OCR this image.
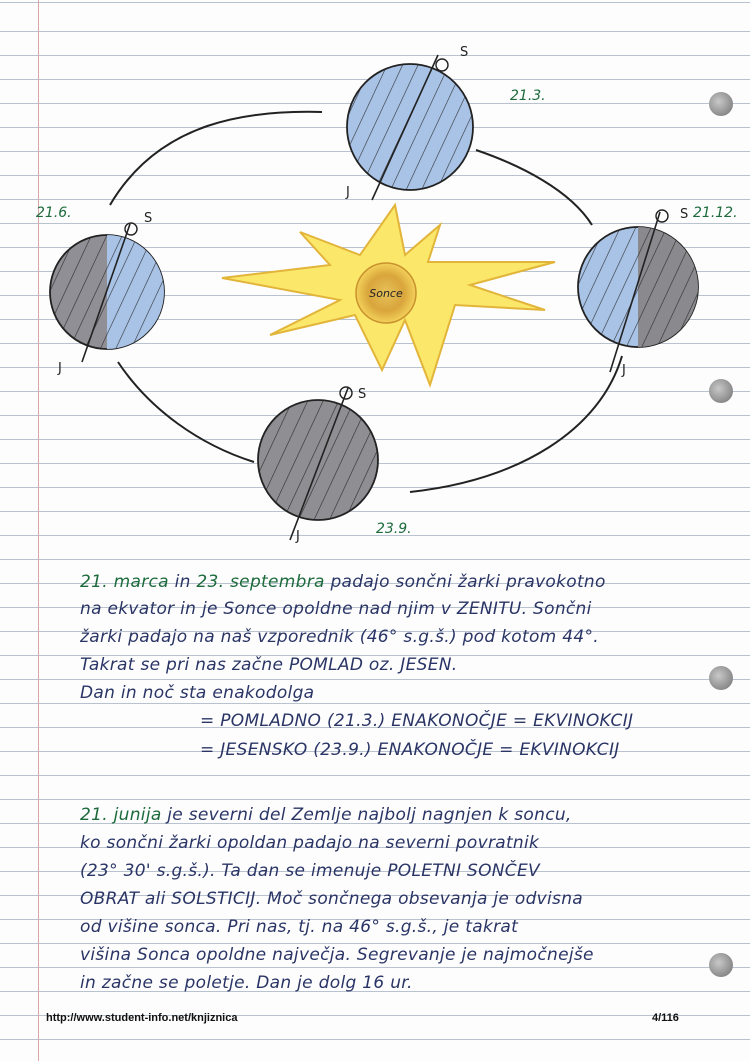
Sonce
S
S	S
S
J
J	J
J
21.3.
21.6.
23.9.
21.12.
21. marca in 23. septembra padajo sončni žarki pravokotno
na ekvator in je Sonce opoldne nad njim v ZENITU. Sončni
žarki padajo na naš vzporednik (46° s.g.š.) pod kotom 44°.
Takrat se pri nas začne POMLAD oz. JESEN.
Dan in noč sta enakodolga
= POMLADNO (21.3.) ENAKONOČJE = EKVINOKCIJ
= JESENSKO (23.9.) ENAKONOČJE = EKVINOKCIJ
21. junija je severni del Zemlje najbolj nagnjen k soncu,
ko sončni žarki opoldan padajo na severni povratnik
(23° 30' s.g.š.). Ta dan se imenuje POLETNI SONČEV
OBRAT ali SOLSTICIJ. Moč sončnega obsevanja je odvisna
od višine sonca. Pri nas, tj. na 46° s.g.š., je takrat
višina Sonca opoldne največja. Segrevanje je najmočnejše
in začne se poletje. Dan je dolg 16 ur.
http://www.student-info.net/knjiznica	4/116
